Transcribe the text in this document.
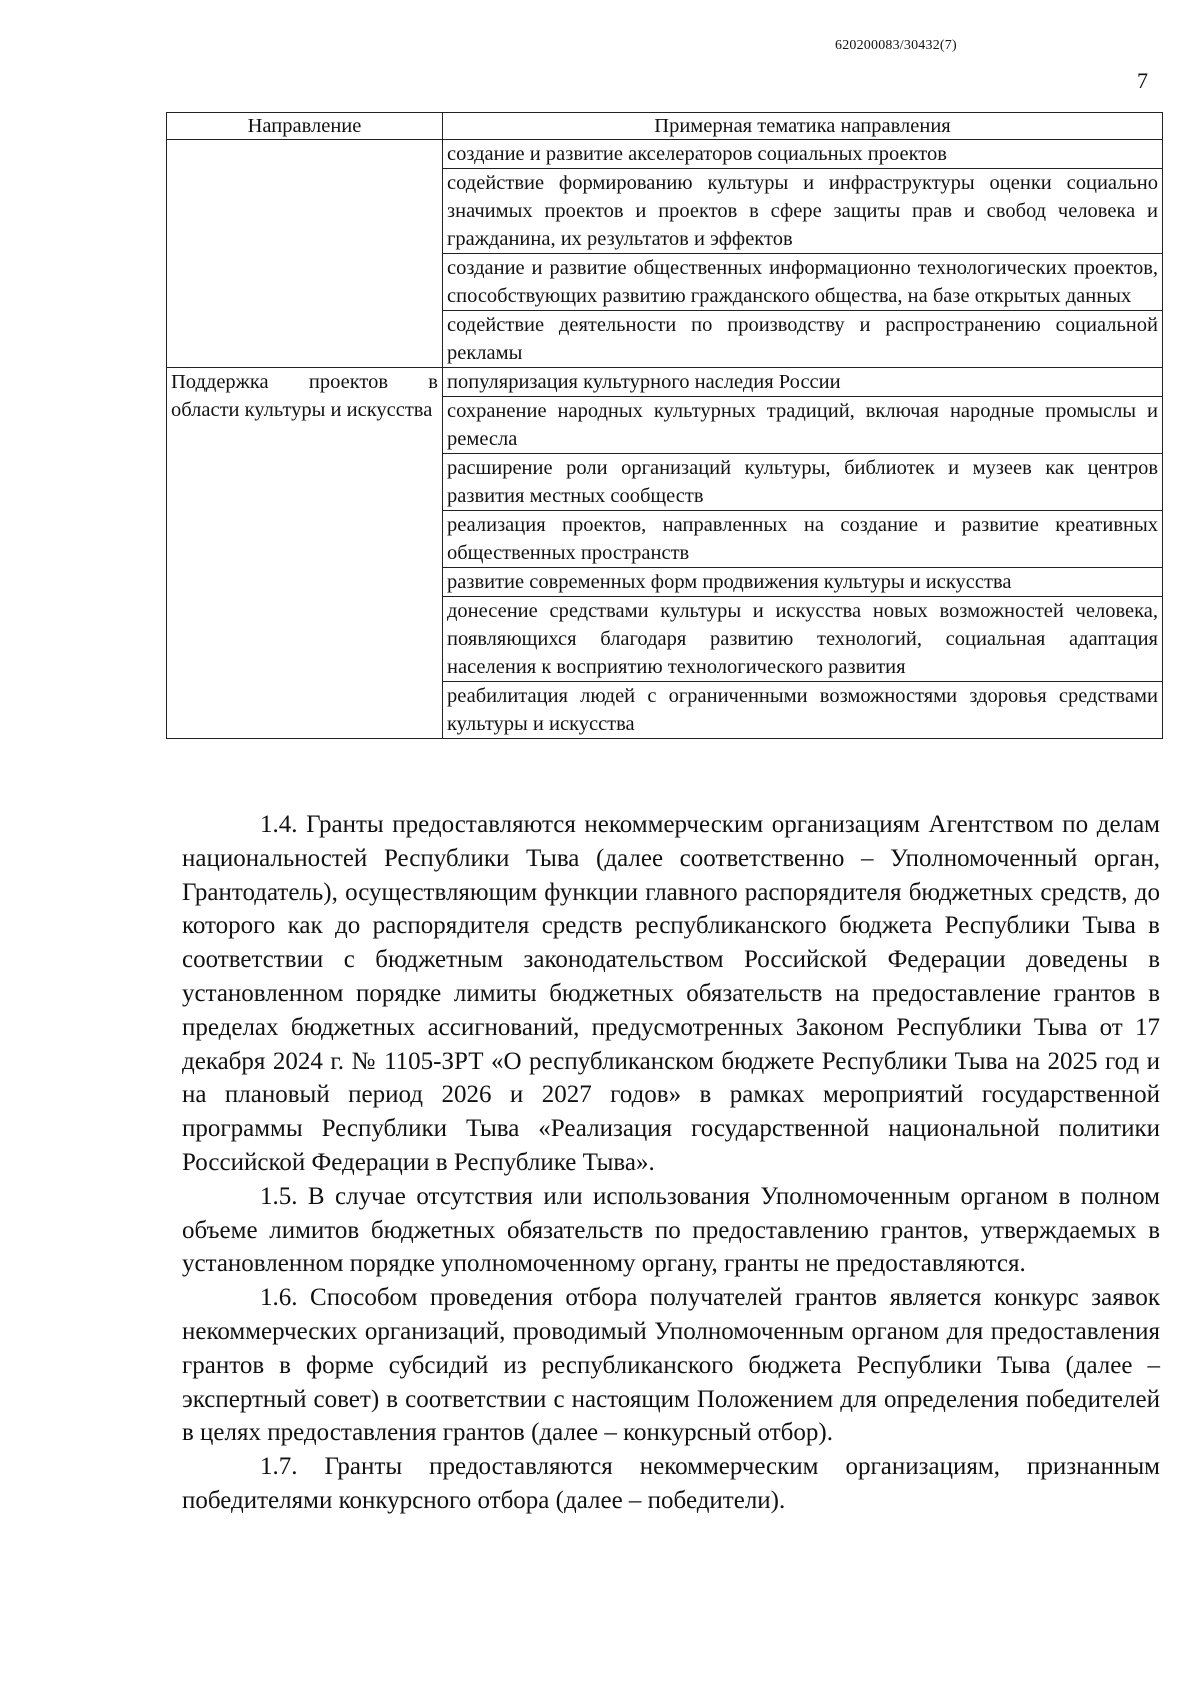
620200083/30432(7)
7
Направление	Примерная тематика направления
	создание и развитие акселераторов социальных проектов
	содействие формированию культуры и инфраструктуры оценки социально значимых проектов и проектов в сфере защиты прав и свобод человека и гражданина, их результатов и эффектов
	создание и развитие общественных информационно технологических проектов, способствующих развитию гражданского общества, на базе открытых данных
	содействие деятельности по производству и распространению социальной рекламы
Поддержка проектов в области культуры и искусства	популяризация культурного наследия России
	сохранение народных культурных традиций, включая народные промыслы и ремесла
	расширение роли организаций культуры, библиотек и музеев как центров развития местных сообществ
	реализация проектов, направленных на создание и развитие креативных общественных пространств
	развитие современных форм продвижения культуры и искусства
	донесение средствами культуры и искусства новых возможностей человека, появляющихся благодаря развитию технологий, социальная адаптация населения к восприятию технологического развития
	реабилитация людей с ограниченными возможностями здоровья средствами культуры и искусства

1.4. Гранты предоставляются некоммерческим организациям Агентством по делам национальностей Республики Тыва (далее соответственно – Уполномоченный орган, Грантодатель), осуществляющим функции главного распорядителя бюджетных средств, до которого как до распорядителя средств республиканского бюджета Республики Тыва в соответствии с бюджетным законодательством Российской Федерации доведены в установленном порядке лимиты бюджетных обязательств на предоставление грантов в пределах бюджетных ассигнований, предусмотренных Законом Республики Тыва от 17 декабря 2024 г. № 1105-ЗРТ «О республиканском бюджете Республики Тыва на 2025 год и на плановый период 2026 и 2027 годов» в рамках мероприятий государственной программы Республики Тыва «Реализация государственной национальной политики Российской Федерации в Республике Тыва».

1.5. В случае отсутствия или использования Уполномоченным органом в полном объеме лимитов бюджетных обязательств по предоставлению грантов, утверждаемых в установленном порядке уполномоченному органу, гранты не предоставляются.

1.6. Способом проведения отбора получателей грантов является конкурс заявок некоммерческих организаций, проводимый Уполномоченным органом для предоставления грантов в форме субсидий из республиканского бюджета Республики Тыва (далее – экспертный совет) в соответствии с настоящим Положением для определения победителей в целях предоставления грантов (далее – конкурсный отбор).

1.7. Гранты предоставляются некоммерческим организациям, признанным победителями конкурсного отбора (далее – победители).
